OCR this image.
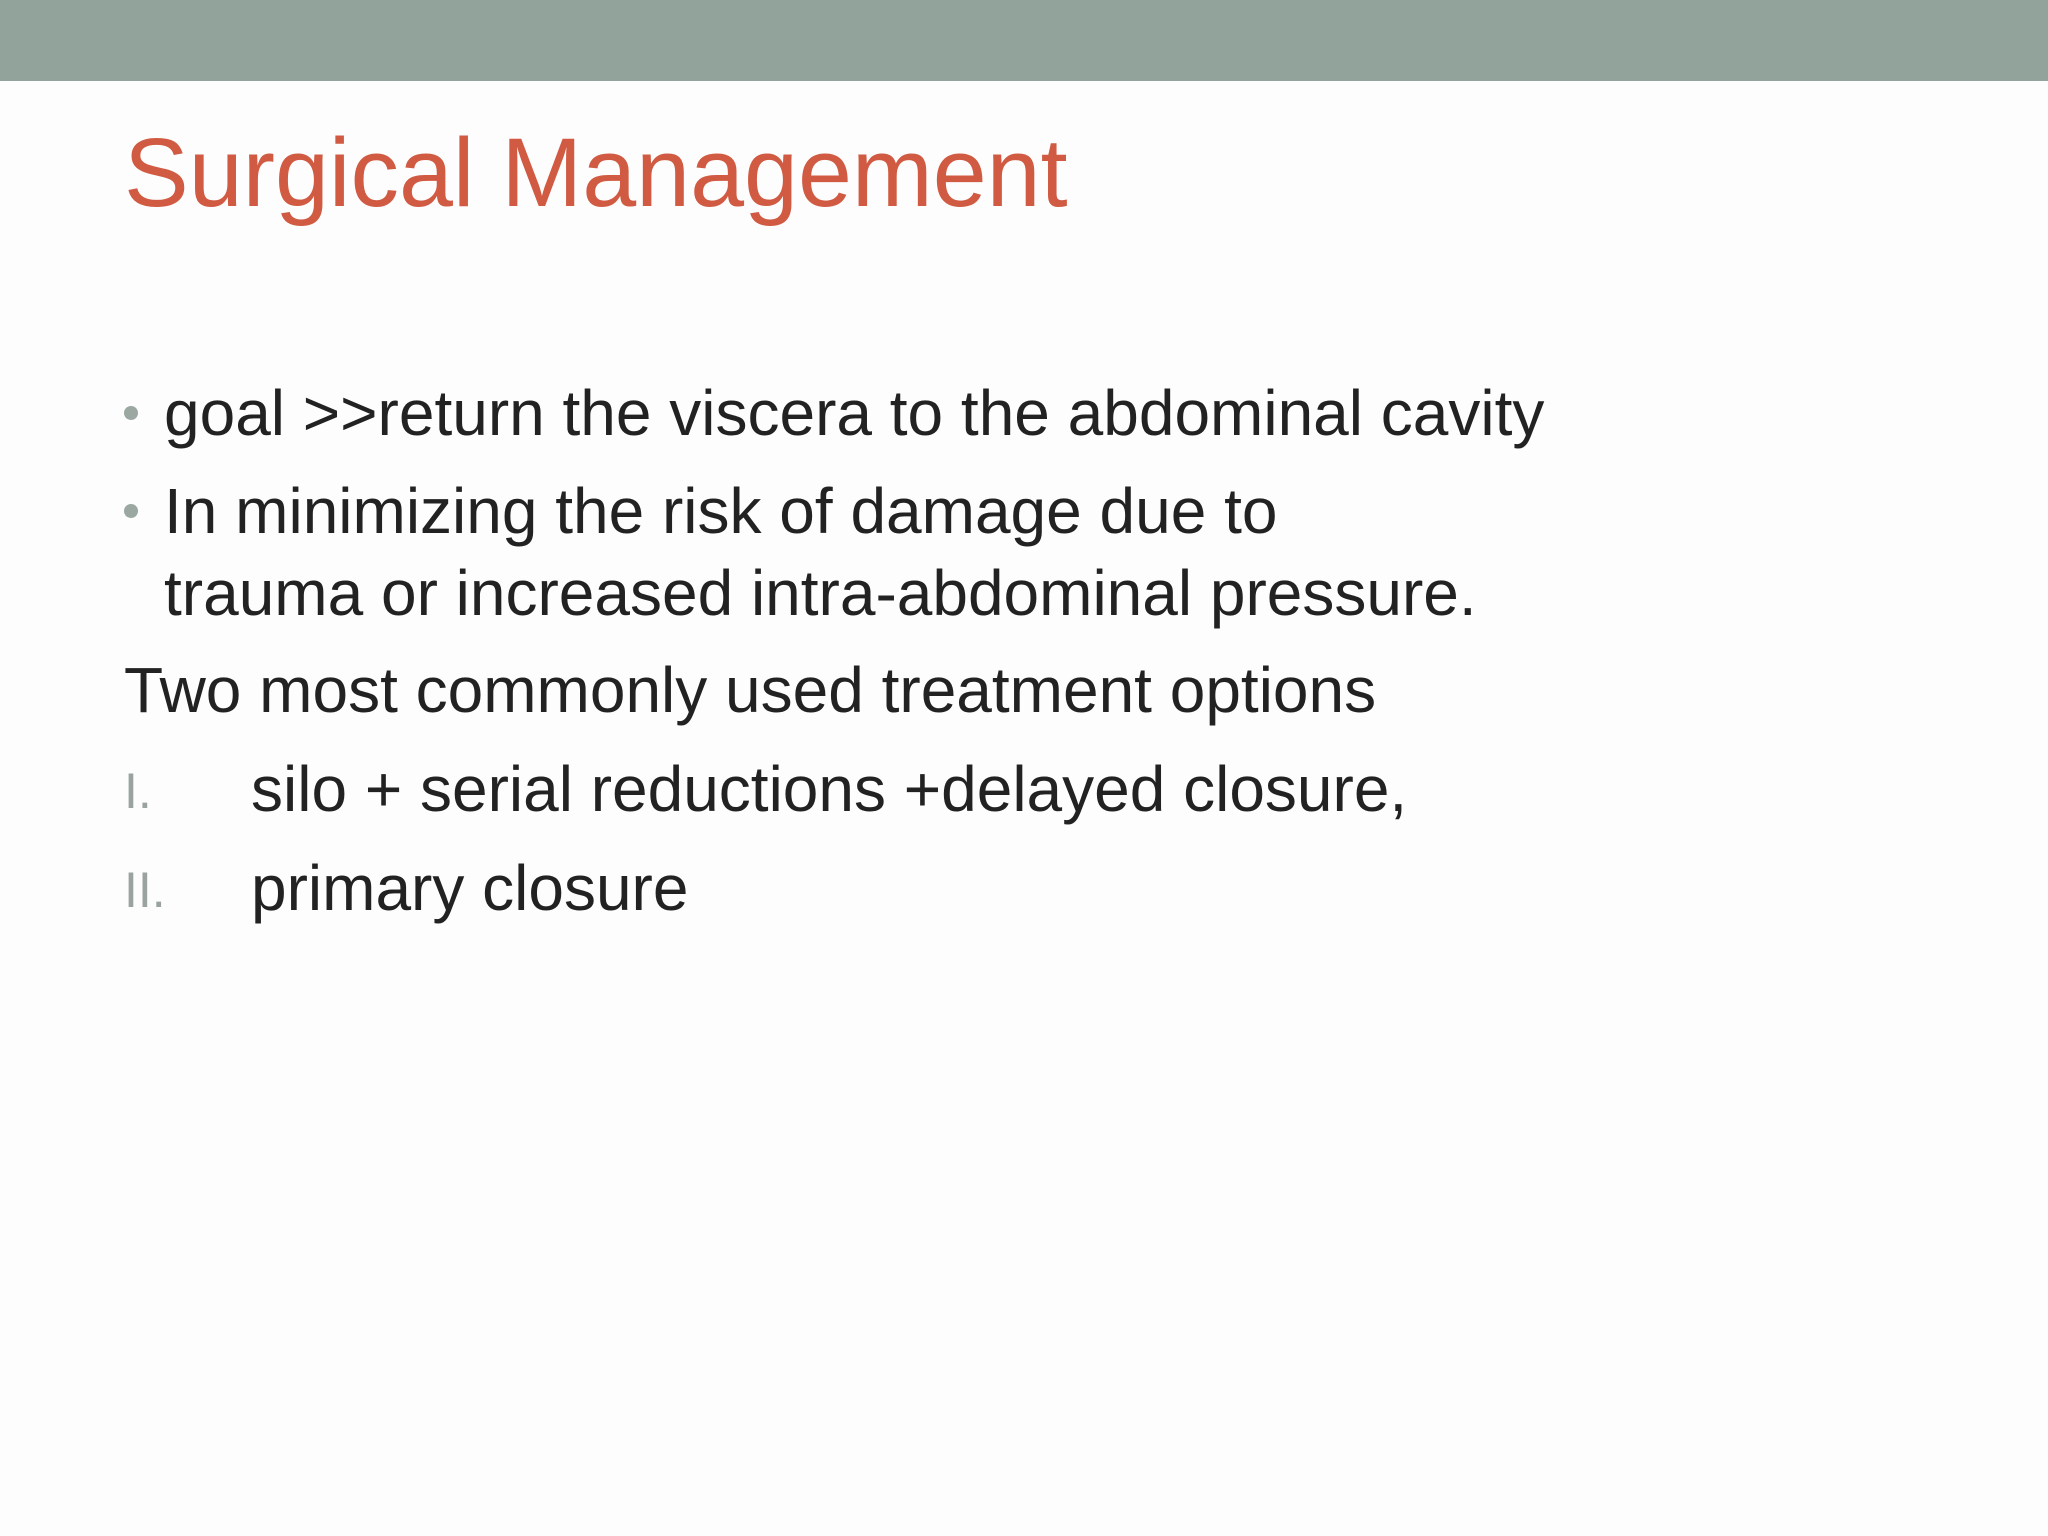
Surgical Management
goal >>return the viscera to the abdominal cavity
In minimizing the risk of damage due to
trauma or increased intra-abdominal pressure.
Two most commonly used treatment options
I. silo + serial reductions +delayed closure,
II. primary closure
